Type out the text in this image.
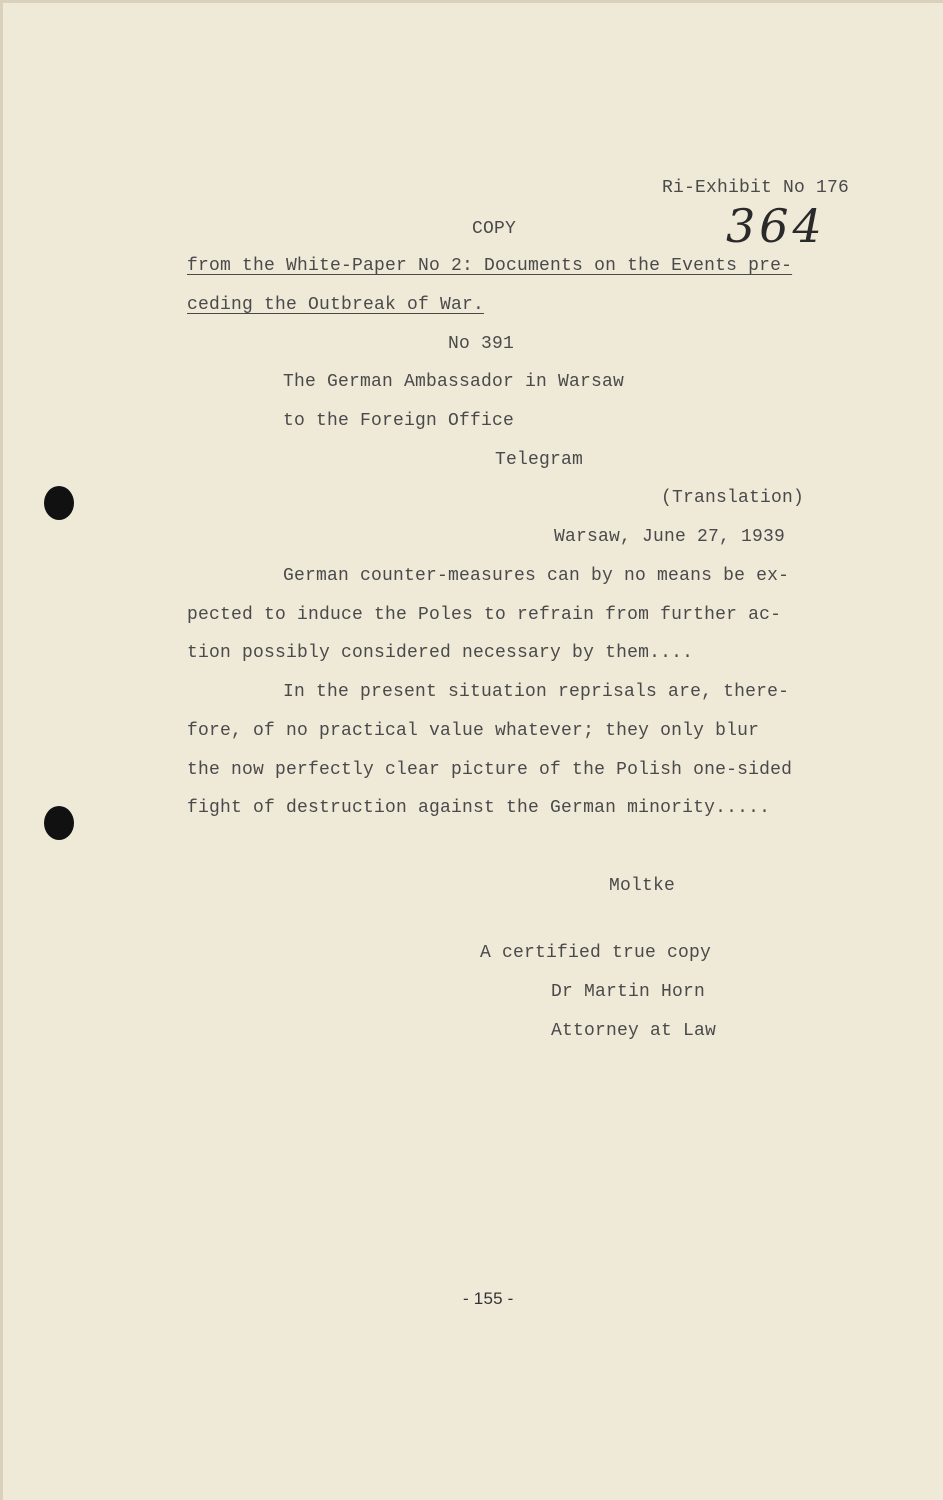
Ri-Exhibit No 176
COPY	364
from the White-Paper No 2: Documents on the Events pre-
ceding the Outbreak of War.
No 391
The German Ambassador in Warsaw
to the Foreign Office
Telegram
(Translation)
Warsaw, June 27, 1939
German counter-measures can by no means be ex-
pected to induce the Poles to refrain from further ac-
tion possibly considered necessary by them....
In the present situation reprisals are, there-
fore, of no practical value whatever; they only blur
the now perfectly clear picture of the Polish one-sided
fight of destruction against the German minority.....
Moltke
A certified true copy
Dr Martin Horn
Attorney at Law
- 155 -
